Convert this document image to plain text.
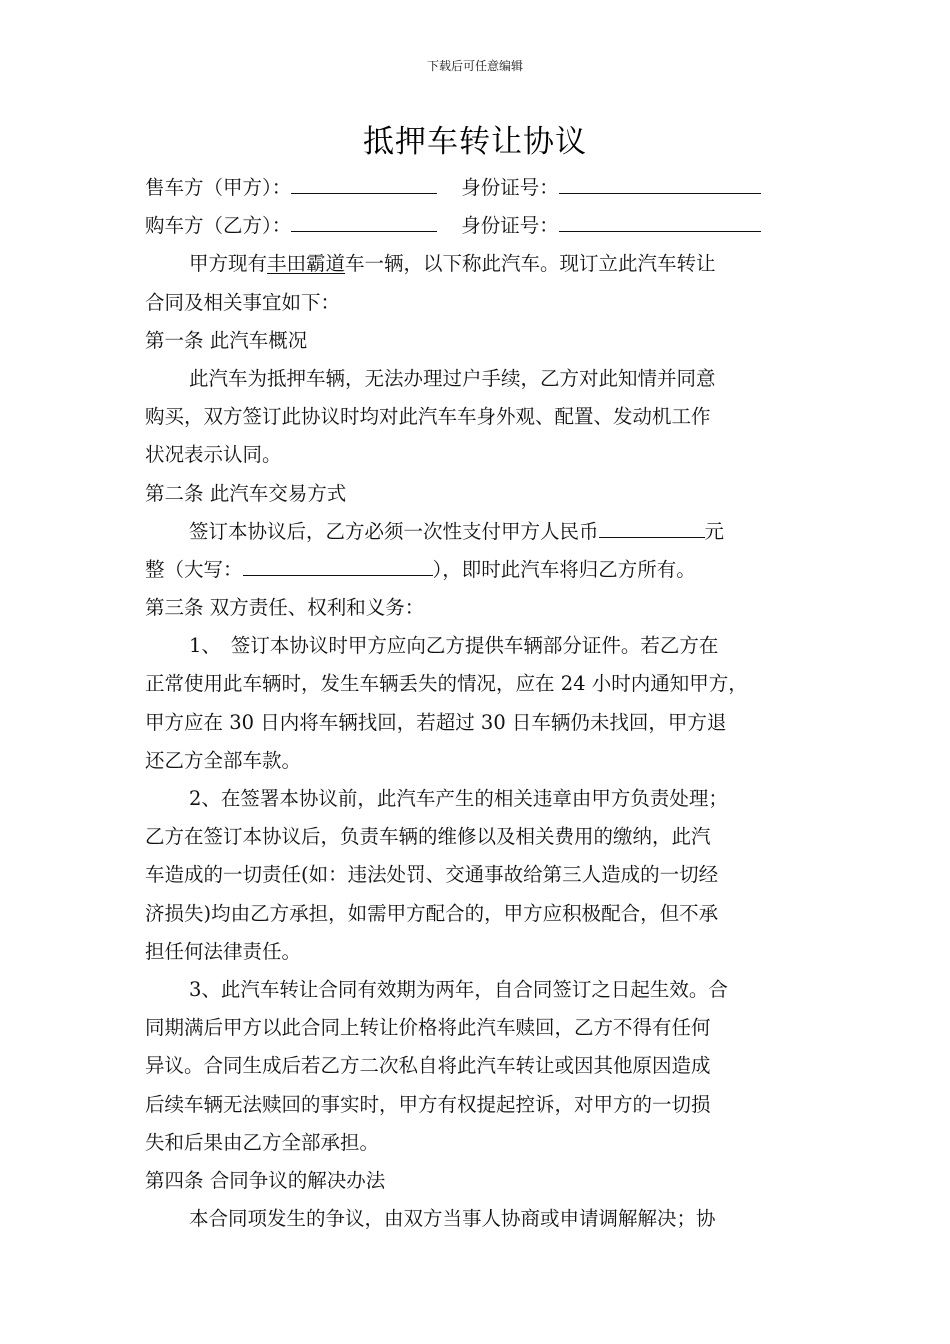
下载后可任意编辑
抵押车转让协议
售车方（甲方）：	身份证号：
购车方（乙方）：	身份证号：
甲方现有丰田霸道车一辆，以下称此汽车。现订立此汽车转让
合同及相关事宜如下：
第一条 此汽车概况
此汽车为抵押车辆，无法办理过户手续，乙方对此知情并同意
购买，双方签订此协议时均对此汽车车身外观、配置、发动机工作
状况表示认同。
第二条 此汽车交易方式
签订本协议后，乙方必须一次性支付甲方人民币	元
整（大写：	），即时此汽车将归乙方所有。
第三条 双方责任、权利和义务：
1、 签订本协议时甲方应向乙方提供车辆部分证件。若乙方在
正常使用此车辆时，发生车辆丢失的情况，应在 24 小时内通知甲方，
甲方应在 30 日内将车辆找回，若超过 30 日车辆仍未找回，甲方退
还乙方全部车款。
2、在签署本协议前，此汽车产生的相关违章由甲方负责处理；
乙方在签订本协议后，负责车辆的维修以及相关费用的缴纳，此汽
车造成的一切责任(如：违法处罚、交通事故给第三人造成的一切经
济损失)均由乙方承担，如需甲方配合的，甲方应积极配合，但不承
担任何法律责任。
3、此汽车转让合同有效期为两年，自合同签订之日起生效。合
同期满后甲方以此合同上转让价格将此汽车赎回，乙方不得有任何
异议。合同生成后若乙方二次私自将此汽车转让或因其他原因造成
后续车辆无法赎回的事实时，甲方有权提起控诉，对甲方的一切损
失和后果由乙方全部承担。
第四条 合同争议的解决办法
本合同项发生的争议，由双方当事人协商或申请调解解决；协
